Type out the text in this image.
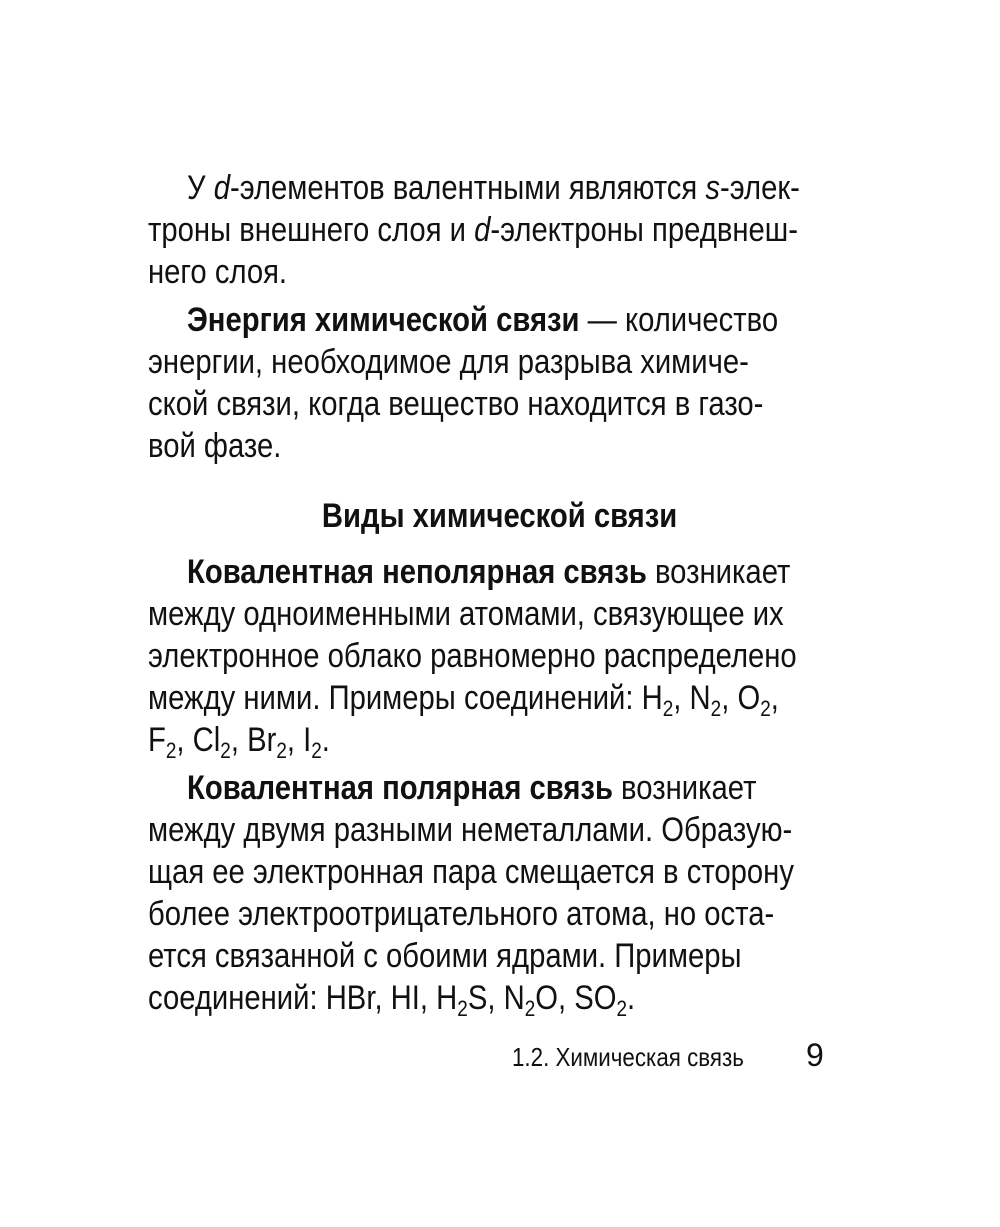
У d-элементов валентными являются s-элек-
троны внешнего слоя и d-электроны предвнеш-
него слоя.
Энергия химической связи — количество
энергии, необходимое для разрыва химиче-
ской связи, когда вещество находится в газо-
вой фазе.
Виды химической связи
Ковалентная неполярная связь возникает
между одноименными атомами, связующее их
электронное облако равномерно распределено
между ними. Примеры соединений: $H_2$, $N_2$, $O_2$,
$F_2$, $Cl_2$, $Br_2$, $I_2$.
Ковалентная полярная связь возникает
между двумя разными неметаллами. Образую-
щая ее электронная пара смещается в сторону
более электроотрицательного атома, но оста-
ется связанной с обоими ядрами. Примеры
соединений: HBr, HI, $H_2S$, $N_2O$, $SO_2$.
1.2. Химическая связь 9
